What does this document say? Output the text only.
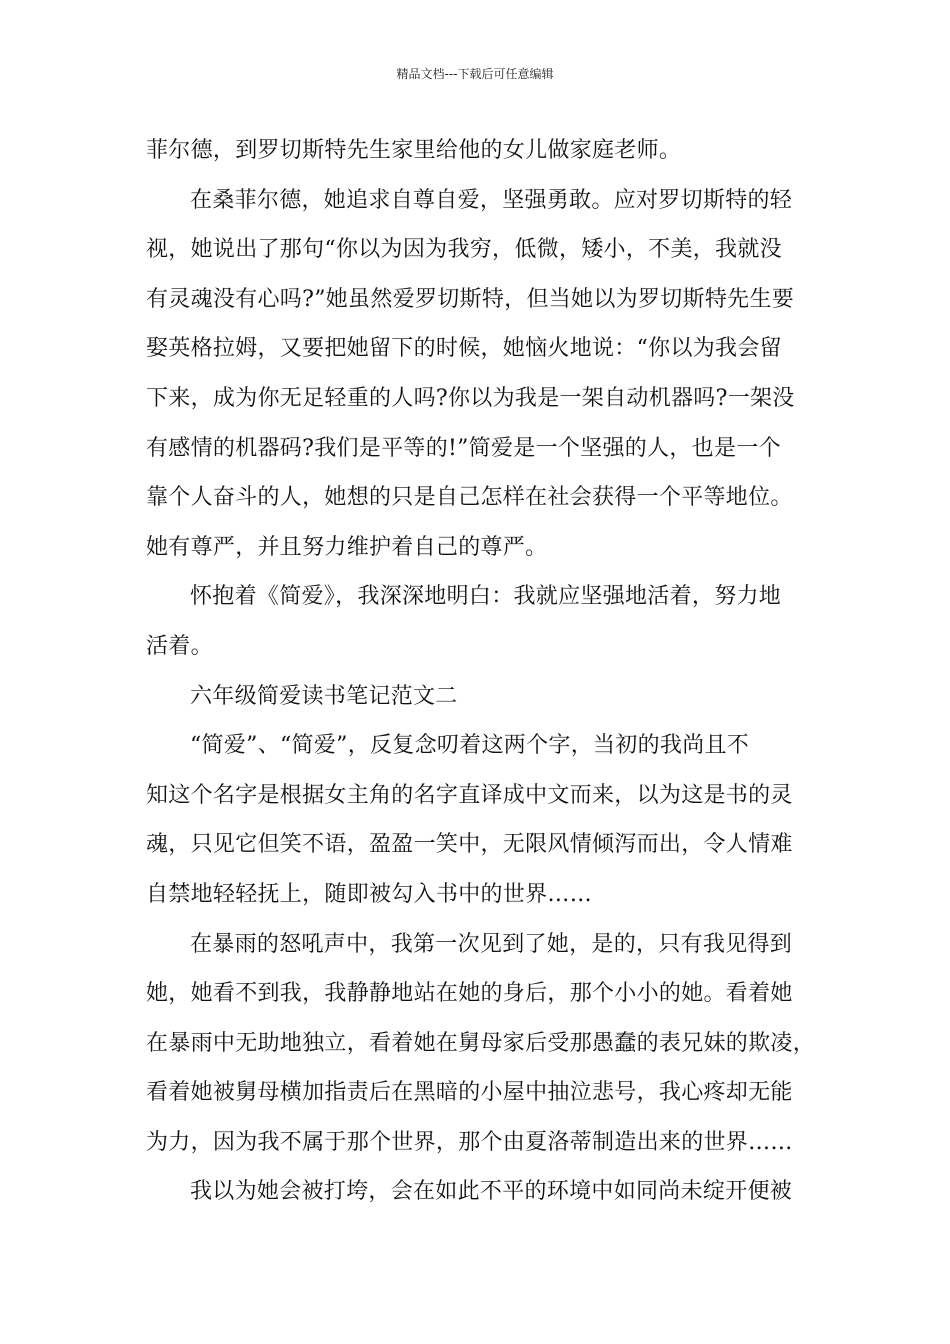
精品文档---下载后可任意编辑
菲尔德，到罗切斯特先生家里给他的女儿做家庭老师。
在桑菲尔德，她追求自尊自爱，坚强勇敢。应对罗切斯特的轻
视，她说出了那句“你以为因为我穷，低微，矮小，不美，我就没
有灵魂没有心吗?”她虽然爱罗切斯特，但当她以为罗切斯特先生要
娶英格拉姆，又要把她留下的时候，她恼火地说：“你以为我会留
下来，成为你无足轻重的人吗?你以为我是一架自动机器吗?一架没
有感情的机器码?我们是平等的!”简爱是一个坚强的人，也是一个
靠个人奋斗的人，她想的只是自己怎样在社会获得一个平等地位。
她有尊严，并且努力维护着自己的尊严。
怀抱着《简爱》，我深深地明白：我就应坚强地活着，努力地
活着。
六年级简爱读书笔记范文二
“简爱”、“简爱”，反复念叨着这两个字，当初的我尚且不
知这个名字是根据女主角的名字直译成中文而来，以为这是书的灵
魂，只见它但笑不语，盈盈一笑中，无限风情倾泻而出，令人情难
自禁地轻轻抚上，随即被勾入书中的世界……
在暴雨的怒吼声中，我第一次见到了她，是的，只有我见得到
她，她看不到我，我静静地站在她的身后，那个小小的她。看着她
在暴雨中无助地独立，看着她在舅母家后受那愚蠢的表兄妹的欺凌，
看着她被舅母横加指责后在黑暗的小屋中抽泣悲号，我心疼却无能
为力，因为我不属于那个世界，那个由夏洛蒂制造出来的世界……
我以为她会被打垮，会在如此不平的环境中如同尚未绽开便被
